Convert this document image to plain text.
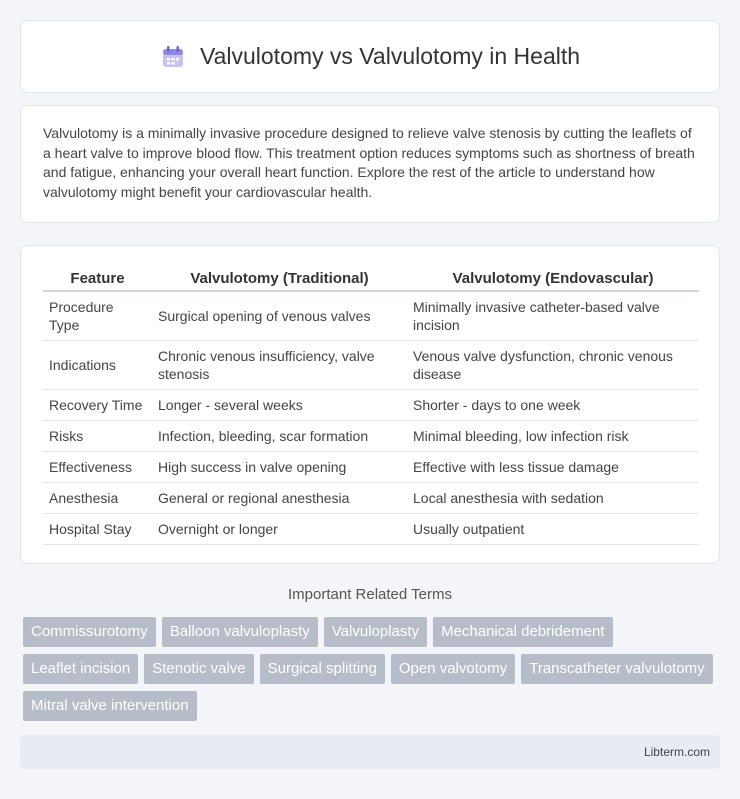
Valvulotomy vs Valvulotomy in Health

Valvulotomy is a minimally invasive procedure designed to relieve valve stenosis by cutting the leaflets of a heart valve to improve blood flow. This treatment option reduces symptoms such as shortness of breath and fatigue, enhancing your overall heart function. Explore the rest of the article to understand how valvulotomy might benefit your cardiovascular health.

Feature	Valvulotomy (Traditional)	Valvulotomy (Endovascular)
Procedure Type	Surgical opening of venous valves	Minimally invasive catheter-based valve incision
Indications	Chronic venous insufficiency, valve stenosis	Venous valve dysfunction, chronic venous disease
Recovery Time	Longer - several weeks	Shorter - days to one week
Risks	Infection, bleeding, scar formation	Minimal bleeding, low infection risk
Effectiveness	High success in valve opening	Effective with less tissue damage
Anesthesia	General or regional anesthesia	Local anesthesia with sedation
Hospital Stay	Overnight or longer	Usually outpatient
Important Related Terms
Commissurotomy	Balloon valvuloplasty	Valvuloplasty	Mechanical debridement
Leaflet incision	Stenotic valve	Surgical splitting	Open valvotomy	Transcatheter valvulotomy
Mitral valve intervention
Libterm.com
